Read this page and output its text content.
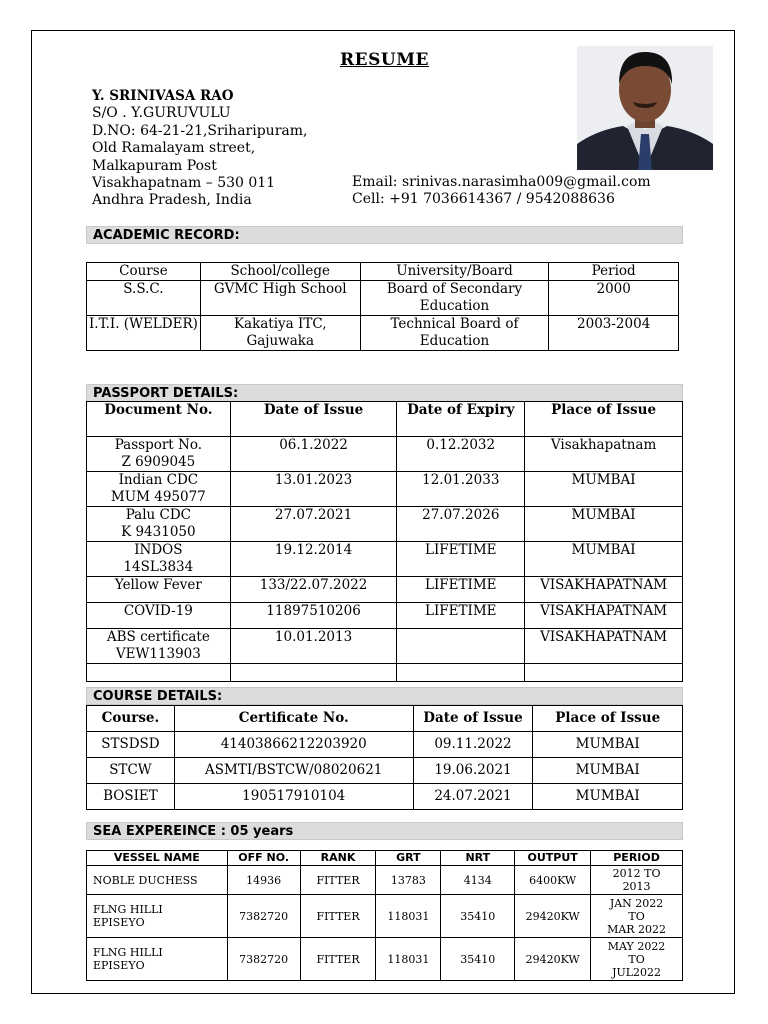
RESUME
Y. SRINIVASA RAO
S/O . Y.GURUVULU
D.NO: 64-21-21,Sriharipuram,
Old Ramalayam street,
Malkapuram Post
Visakhapatnam – 530 011
Andhra Pradesh, India
Email: srinivas.narasimha009@gmail.com
Cell: +91 7036614367 / 9542088636
ACADEMIC RECORD:
Course	School/college	University/Board	Period
S.S.C.	GVMC High School	Board of Secondary Education	2000
I.T.I. (WELDER)	Kakatiya ITC, Gajuwaka	Technical Board of Education	2003-2004
PASSPORT DETAILS:
Document No.	Date of Issue	Date of Expiry	Place of Issue
Passport No.
Z 6909045	06.1.2022	0.12.2032	Visakhapatnam
Indian CDC
MUM 495077	13.01.2023	12.01.2033	MUMBAI
Palu CDC
K 9431050	27.07.2021	27.07.2026	MUMBAI
INDOS
14SL3834	19.12.2014	LIFETIME	MUMBAI
Yellow Fever	133/22.07.2022	LIFETIME	VISAKHAPATNAM
COVID-19	11897510206	LIFETIME	VISAKHAPATNAM
ABS certificate
VEW113903	10.01.2013		VISAKHAPATNAM

COURSE DETAILS:
Course.	Certificate No.	Date of Issue	Place of Issue
STSDSD	41403866212203920	09.11.2022	MUMBAI
STCW	ASMTI/BSTCW/08020621	19.06.2021	MUMBAI
BOSIET	190517910104	24.07.2021	MUMBAI
SEA EXPEREINCE : 05 years
VESSEL NAME	OFF NO.	RANK	GRT	NRT	OUTPUT	PERIOD
NOBLE DUCHESS	14936	FITTER	13783	4134	6400KW	2012 TO
2013
FLNG HILLI
EPISEYO	7382720	FITTER	118031	35410	29420KW	JAN 2022
TO
MAR 2022
FLNG HILLI
EPISEYO	7382720	FITTER	118031	35410	29420KW	MAY 2022
TO
JUL2022
